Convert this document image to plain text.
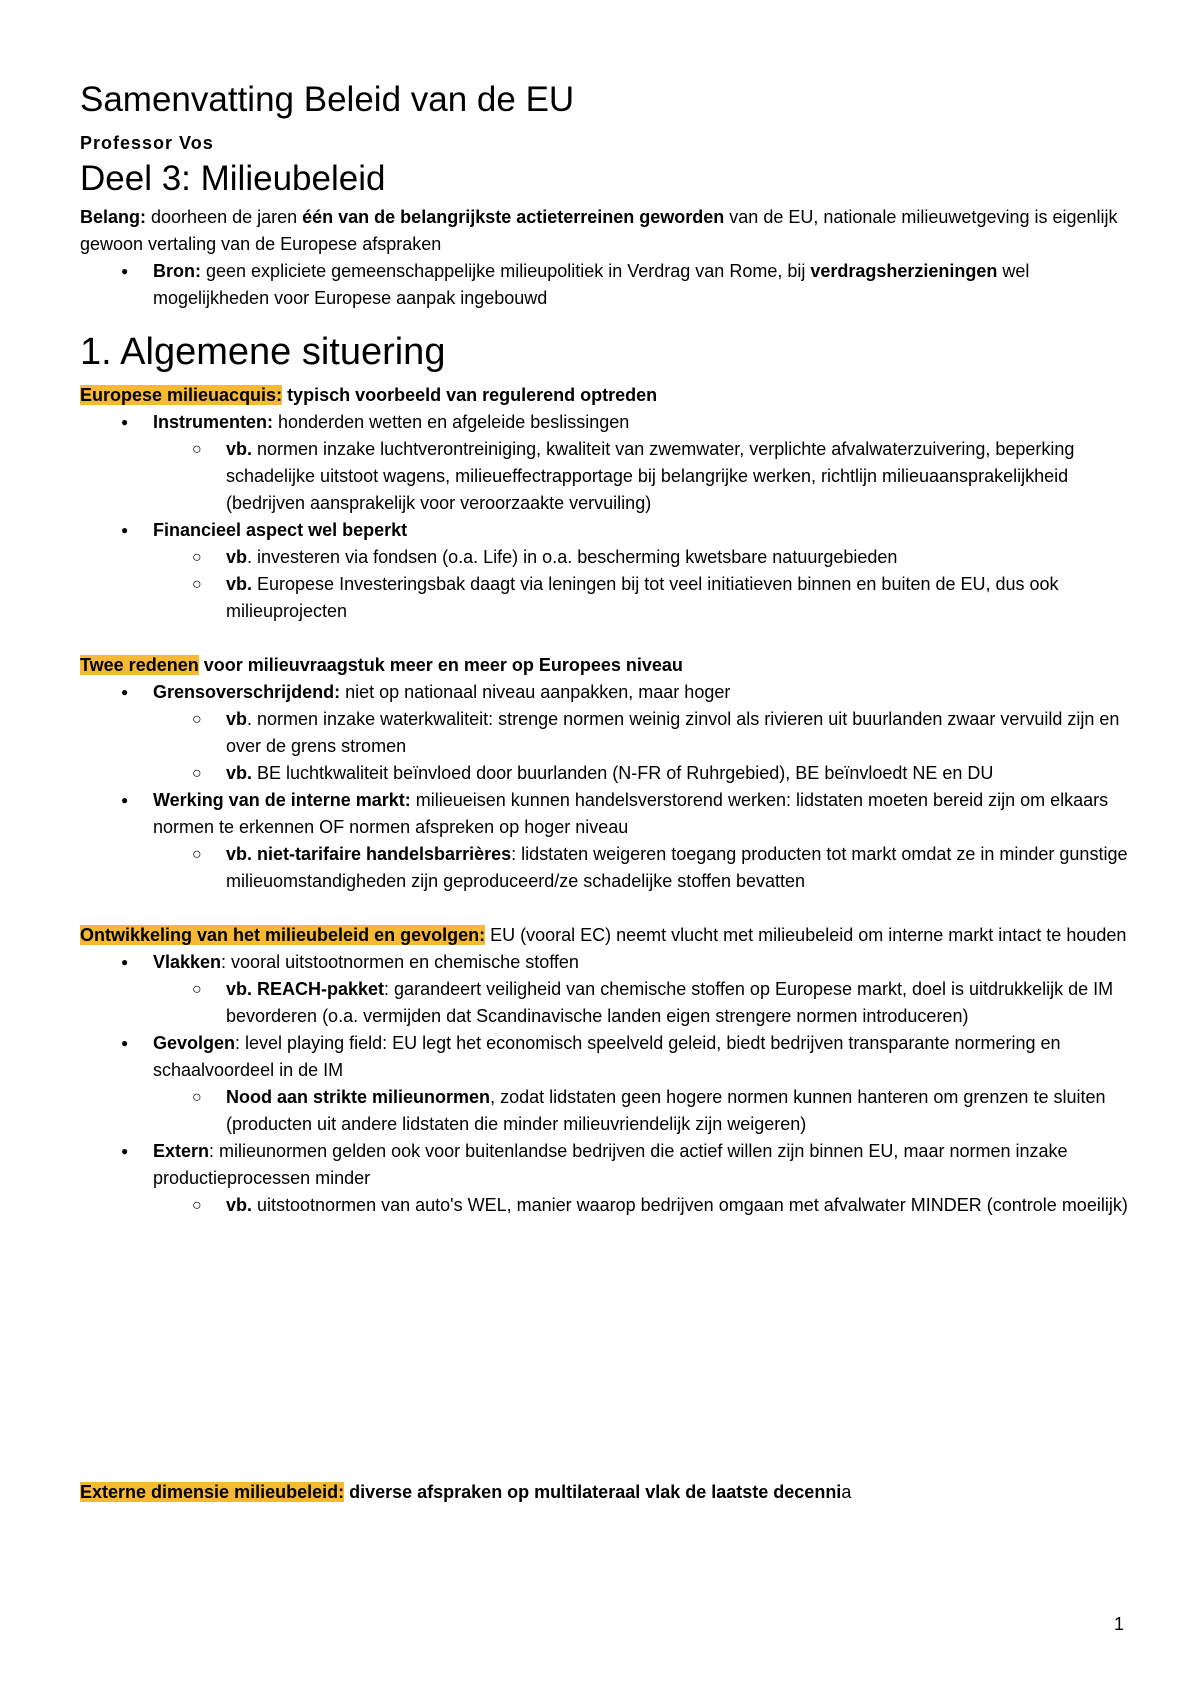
Samenvatting Beleid van de EU
Professor Vos
Deel 3: Milieubeleid

Belang: doorheen de jaren één van de belangrijkste actieterreinen geworden van de EU, nationale milieuwetgeving is eigenlijk gewoon vertaling van de Europese afspraken

● Bron: geen expliciete gemeenschappelijke milieupolitiek in Verdrag van Rome, bij verdragsherzieningen wel mogelijkheden voor Europese aanpak ingebouwd
1. Algemene situering

Europese milieuacquis: typisch voorbeeld van regulerend optreden

● Instrumenten: honderden wetten en afgeleide beslissingen
○ vb. normen inzake luchtverontreiniging, kwaliteit van zwemwater, verplichte afvalwaterzuivering, beperking schadelijke uitstoot wagens, milieueffectrapportage bij belangrijke werken, richtlijn milieuaansprakelijkheid (bedrijven aansprakelijk voor veroorzaakte vervuiling)
● Financieel aspect wel beperkt
○ vb. investeren via fondsen (o.a. Life) in o.a. bescherming kwetsbare natuurgebieden
○ vb. Europese Investeringsbak daagt via leningen bij tot veel initiatieven binnen en buiten de EU, dus ook milieuprojecten

Twee redenen voor milieuvraagstuk meer en meer op Europees niveau

● Grensoverschrijdend: niet op nationaal niveau aanpakken, maar hoger
○ vb. normen inzake waterkwaliteit: strenge normen weinig zinvol als rivieren uit buurlanden zwaar vervuild zijn en over de grens stromen
○ vb. BE luchtkwaliteit beïnvloed door buurlanden (N-FR of Ruhrgebied), BE beïnvloedt NE en DU
● Werking van de interne markt: milieueisen kunnen handelsverstorend werken: lidstaten moeten bereid zijn om elkaars normen te erkennen OF normen afspreken op hoger niveau
○ vb. niet-tarifaire handelsbarrières: lidstaten weigeren toegang producten tot markt omdat ze in minder gunstige milieuomstandigheden zijn geproduceerd/ze schadelijke stoffen bevatten

Ontwikkeling van het milieubeleid en gevolgen: EU (vooral EC) neemt vlucht met milieubeleid om interne markt intact te houden

● Vlakken: vooral uitstootnormen en chemische stoffen
○ vb. REACH-pakket: garandeert veiligheid van chemische stoffen op Europese markt, doel is uitdrukkelijk de IM bevorderen (o.a. vermijden dat Scandinavische landen eigen strengere normen introduceren)
● Gevolgen: level playing field: EU legt het economisch speelveld geleid, biedt bedrijven transparante normering en schaalvoordeel in de IM
○ Nood aan strikte milieunormen, zodat lidstaten geen hogere normen kunnen hanteren om grenzen te sluiten (producten uit andere lidstaten die minder milieuvriendelijk zijn weigeren)
● Extern: milieunormen gelden ook voor buitenlandse bedrijven die actief willen zijn binnen EU, maar normen inzake productieprocessen minder
○ vb. uitstootnormen van auto's WEL, manier waarop bedrijven omgaan met afvalwater MINDER (controle moeilijk)

Externe dimensie milieubeleid: diverse afspraken op multilateraal vlak de laatste decennia

1
